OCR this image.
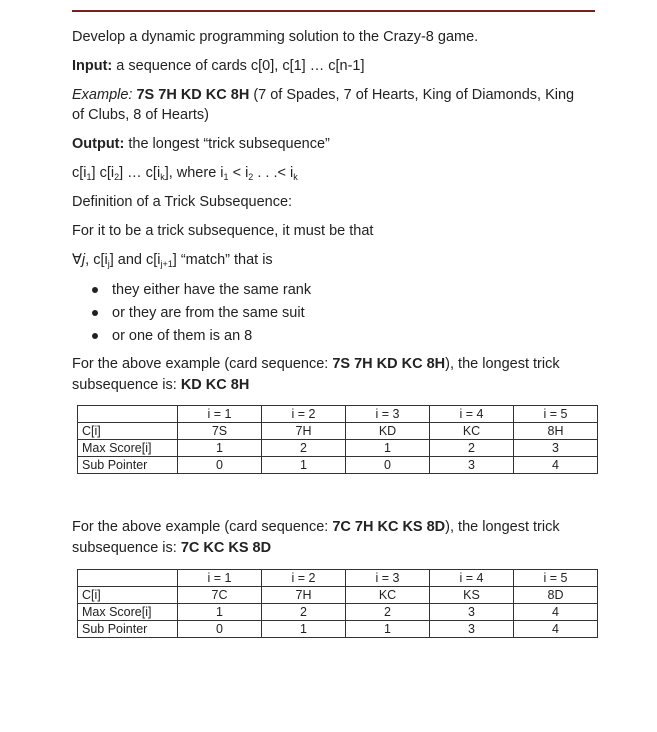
Develop a dynamic programming solution to the Crazy-8 game.

Input: a sequence of cards c[0], c[1] … c[n-1]

Example: 7S 7H KD KC 8H (7 of Spades, 7 of Hearts, King of Diamonds, King

of Clubs, 8 of Hearts)

Output: the longest “trick subsequence”

$c[i_1]$ $c[i_2]$ … $c[i_k]$, where $i_1 < i_2$ . . .< $i_k$

Definition of a Trick Subsequence:

For it to be a trick subsequence, it must be that

∀j, $c[i_j]$ and $c[i_{j+1}]$ “match” that is

they either have the same rank
or they are from the same suit
or one of them is an 8

For the above example (card sequence: 7S 7H KD KC 8H), the longest trick

subsequence is: KD KC 8H

For the above example (card sequence: 7C 7H KC KS 8D), the longest trick

subsequence is: 7C KC KS 8D

	i = 1	i = 2	i = 3	i = 4	i = 5
C[i]	7S	7H	KD	KC	8H
Max Score[i]	1	2	1	2	3
Sub Pointer	0	1	0	3	4
	i = 1	i = 2	i = 3	i = 4	i = 5
C[i]	7C	7H	KC	KS	8D
Max Score[i]	1	2	2	3	4
Sub Pointer	0	1	1	3	4
